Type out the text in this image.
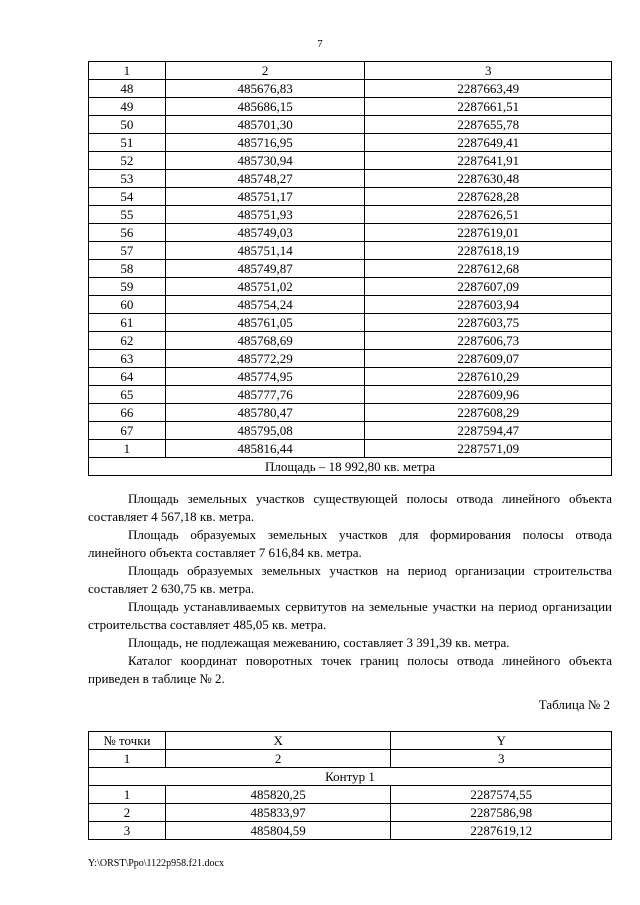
7
1	2	3
48	485676,83	2287663,49
49	485686,15	2287661,51
50	485701,30	2287655,78
51	485716,95	2287649,41
52	485730,94	2287641,91
53	485748,27	2287630,48
54	485751,17	2287628,28
55	485751,93	2287626,51
56	485749,03	2287619,01
57	485751,14	2287618,19
58	485749,87	2287612,68
59	485751,02	2287607,09
60	485754,24	2287603,94
61	485761,05	2287603,75
62	485768,69	2287606,73
63	485772,29	2287609,07
64	485774,95	2287610,29
65	485777,76	2287609,96
66	485780,47	2287608,29
67	485795,08	2287594,47
1	485816,44	2287571,09
Площадь – 18 992,80 кв. метра		

Площадь земельных участков существующей полосы отвода линейного объекта составляет 4 567,18 кв. метра.

Площадь образуемых земельных участков для формирования полосы отвода линейного объекта составляет 7 616,84 кв. метра.

Площадь образуемых земельных участков на период организации строительства составляет 2 630,75 кв. метра.

Площадь устанавливаемых сервитутов на земельные участки на период организации строительства составляет 485,05 кв. метра.

Площадь, не подлежащая межеванию, составляет 3 391,39 кв. метра.

Каталог координат поворотных точек границ полосы отвода линейного объекта приведен в таблице № 2.

Таблица № 2
№ точки	X	Y
1	2	3
Контур 1		
1	485820,25	2287574,55
2	485833,97	2287586,98
3	485804,59	2287619,12
Y:\ORST\Ppo\1122p958.f21.docx
